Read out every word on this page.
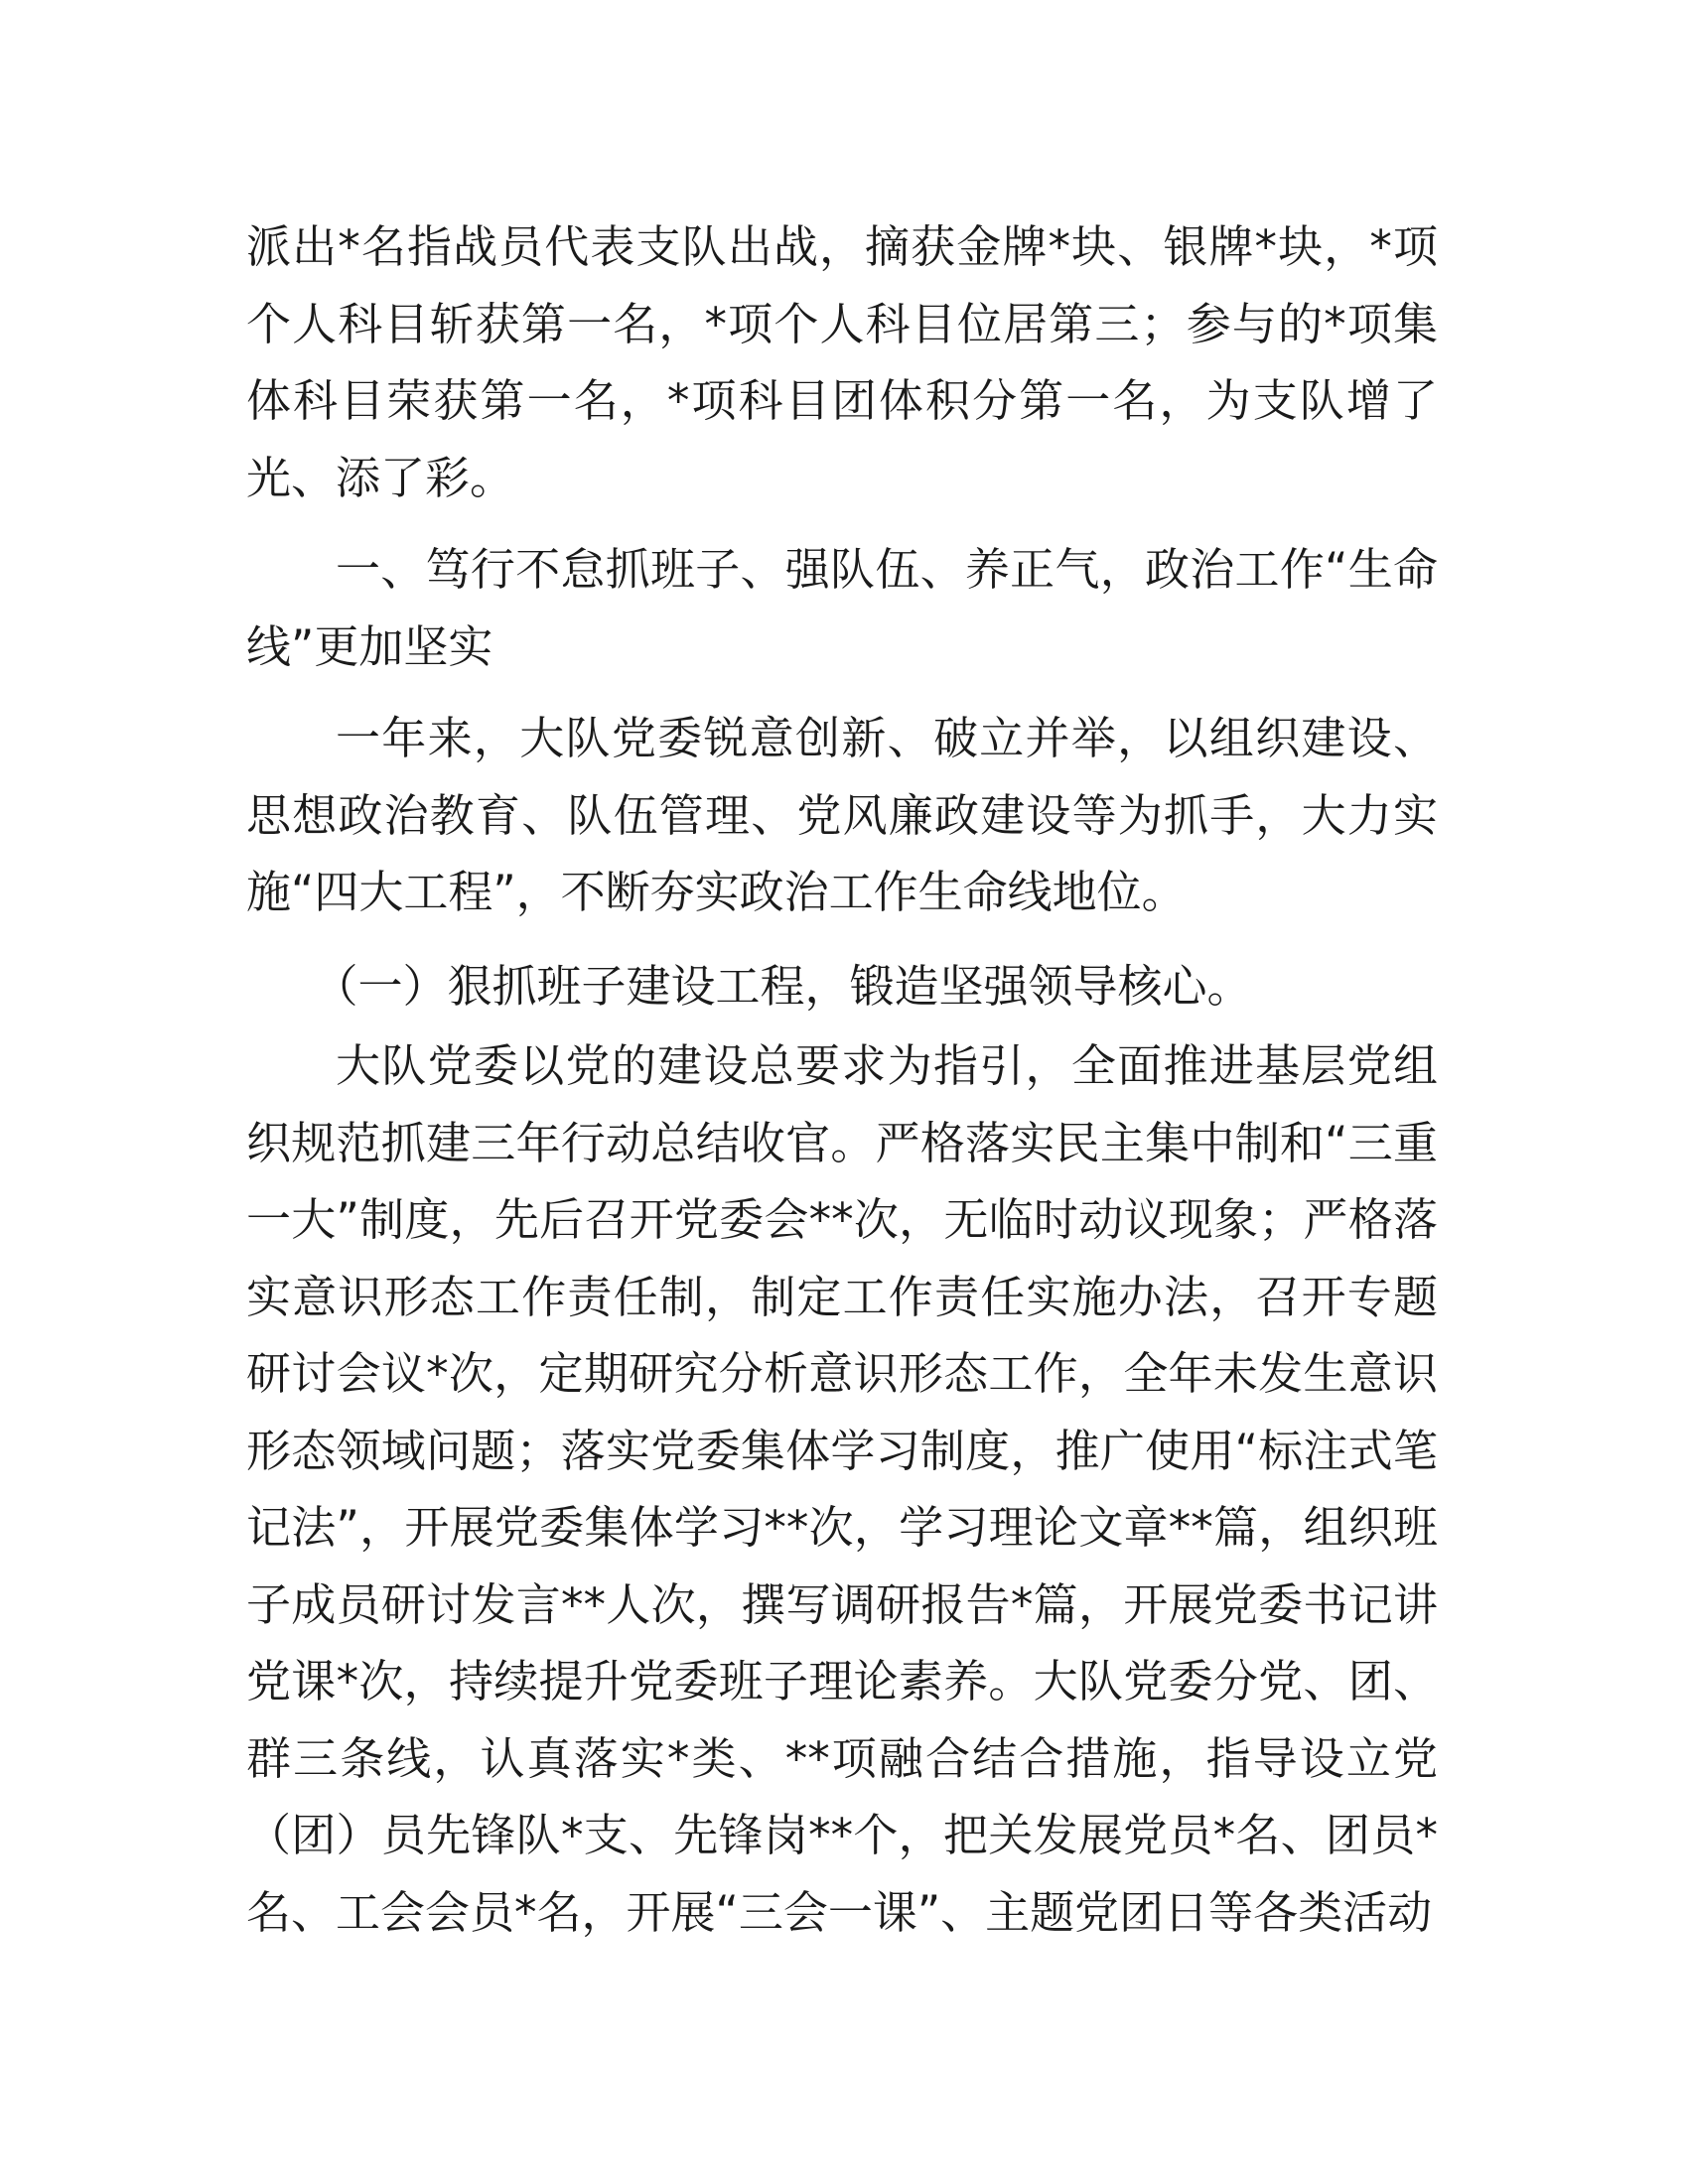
派出*名指战员代表支队出战，摘获金牌*块、银牌*块，*项个人科目斩获第一名，*项个人科目位居第三；参与的*项集体科目荣获第一名，*项科目团体积分第一名，为支队增了光、添了彩。

一、笃行不怠抓班子、强队伍、养正气，政治工作“生命线”更加坚实

一年来，大队党委锐意创新、破立并举，以组织建设、思想政治教育、队伍管理、党风廉政建设等为抓手，大力实施“四大工程”，不断夯实政治工作生命线地位。

（一）狠抓班子建设工程，锻造坚强领导核心。

大队党委以党的建设总要求为指引，全面推进基层党组织规范抓建三年行动总结收官。严格落实民主集中制和“三重一大”制度，先后召开党委会**次，无临时动议现象；严格落实意识形态工作责任制，制定工作责任实施办法，召开专题研讨会议*次，定期研究分析意识形态工作，全年未发生意识形态领域问题；落实党委集体学习制度，推广使用“标注式笔记法”，开展党委集体学习**次，学习理论文章**篇，组织班子成员研讨发言**人次，撰写调研报告*篇，开展党委书记讲党课*次，持续提升党委班子理论素养。大队党委分党、团、群三条线，认真落实*类、**项融合结合措施，指导设立党（团）员先锋队*支、先锋岗**个，把关发展党员*名、团员*名、工会会员*名，开展“三会一课”、主题党团日等各类活动
